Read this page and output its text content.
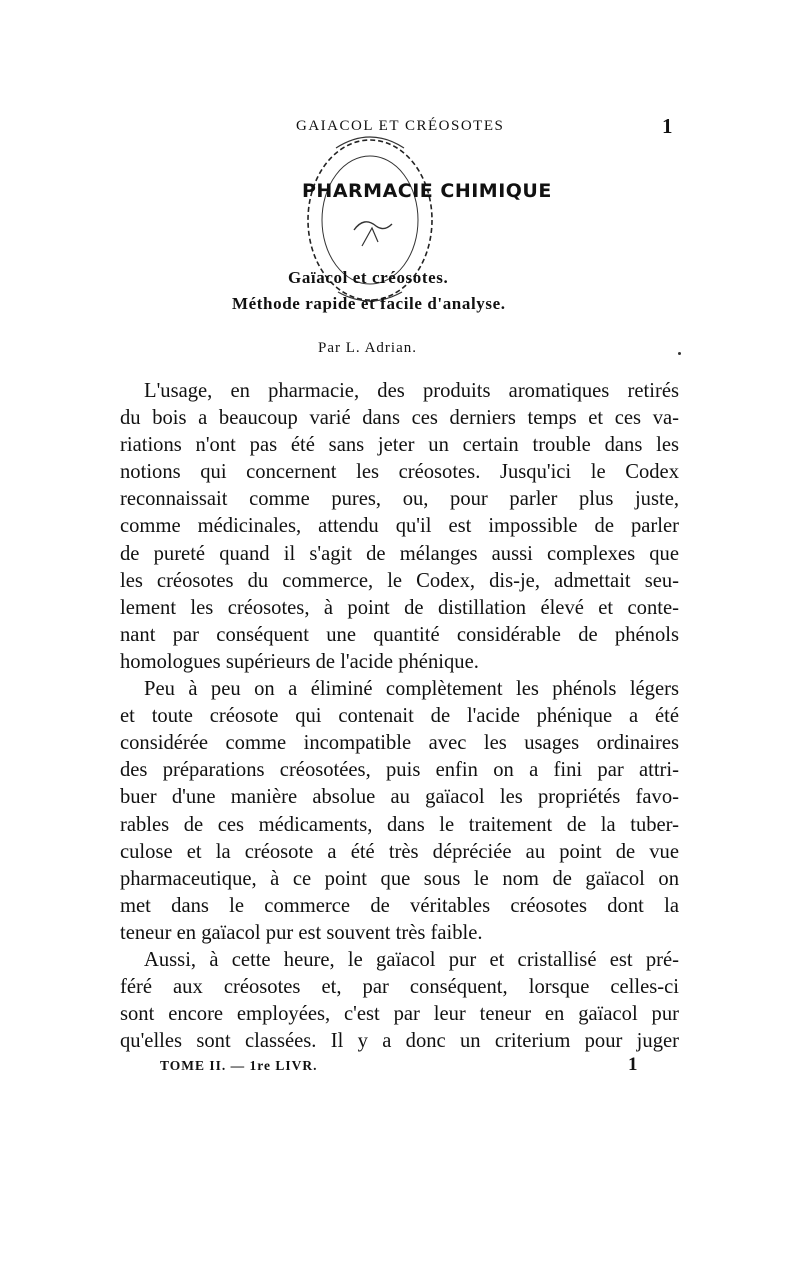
GAIACOL ET CRÉOSOTES	1
PHARMACIE CHIMIQUE
Gaïacol et créosotes.
Méthode rapide et facile d'analyse.
Par L. Adrian.

L'usage, en pharmacie, des produits aromatiques retirés
du bois a beaucoup varié dans ces derniers temps et ces va-
riations n'ont pas été sans jeter un certain trouble dans les
notions qui concernent les créosotes. Jusqu'ici le Codex
reconnaissait comme pures, ou, pour parler plus juste,
comme médicinales, attendu qu'il est impossible de parler
de pureté quand il s'agit de mélanges aussi complexes que
les créosotes du commerce, le Codex, dis-je, admettait seu-
lement les créosotes, à point de distillation élevé et conte-
nant par conséquent une quantité considérable de phénols
homologues supérieurs de l'acide phénique.

Peu à peu on a éliminé complètement les phénols légers
et toute créosote qui contenait de l'acide phénique a été
considérée comme incompatible avec les usages ordinaires
des préparations créosotées, puis enfin on a fini par attri-
buer d'une manière absolue au gaïacol les propriétés favo-
rables de ces médicaments, dans le traitement de la tuber-
culose et la créosote a été très dépréciée au point de vue
pharmaceutique, à ce point que sous le nom de gaïacol on
met dans le commerce de véritables créosotes dont la
teneur en gaïacol pur est souvent très faible.

Aussi, à cette heure, le gaïacol pur et cristallisé est pré-
féré aux créosotes et, par conséquent, lorsque celles-ci
sont encore employées, c'est par leur teneur en gaïacol pur
qu'elles sont classées. Il y a donc un criterium pour juger

TOME II. — 1re LIVR.	1
